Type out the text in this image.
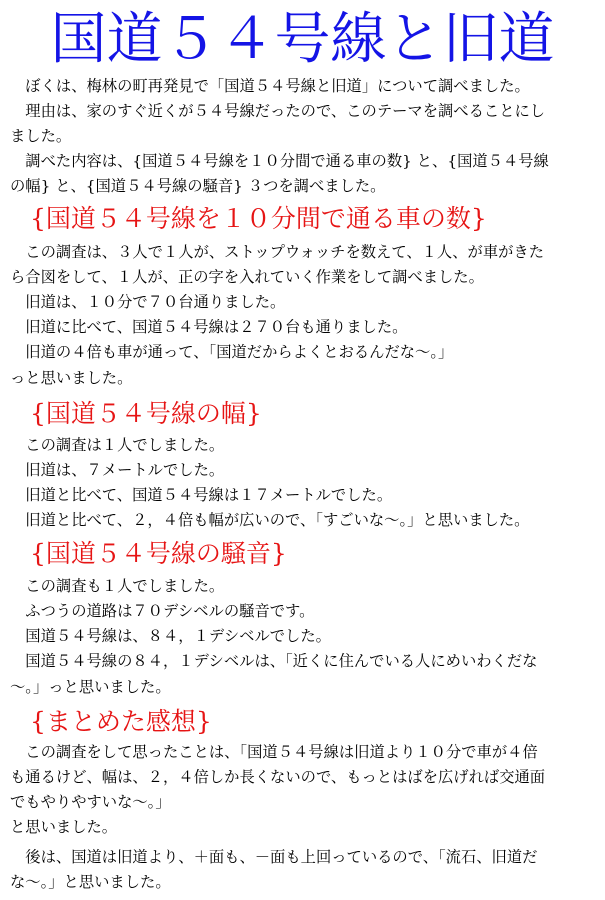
国道５４号線と旧道

　ぼくは、梅林の町再発見で「国道５４号線と旧道」について調べました。

　理由は、家のすぐ近くが５４号線だったので、このテーマを調べることにし

ました。

　調べた内容は、{国道５４号線を１０分間で通る車の数} と、{国道５４号線

の幅} と、{国道５４号線の騒音} ３つを調べました。

{国道５４号線を１０分間で通る車の数}

　この調査は、３人で１人が、ストップウォッチを数えて、１人、が車がきた

ら合図をして、１人が、正の字を入れていく作業をして調べました。

　旧道は、１０分で７０台通りました。

　旧道に比べて、国道５４号線は２７０台も通りました。

　旧道の４倍も車が通って、「国道だからよくとおるんだな～。」

っと思いました。

{国道５４号線の幅}

　この調査は１人でしました。

　旧道は、７メートルでした。

　旧道と比べて、国道５４号線は１７メートルでした。

　旧道と比べて、２，４倍も幅が広いので、「すごいな～。」と思いました。

{国道５４号線の騒音}

　この調査も１人でしました。

　ふつうの道路は７０デシベルの騒音です。

　国道５４号線は、８４，１デシベルでした。

　国道５４号線の８４，１デシベルは、「近くに住んでいる人にめいわくだな

～。」っと思いました。

{まとめた感想}

　この調査をして思ったことは、「国道５４号線は旧道より１０分で車が４倍

も通るけど、幅は、２，４倍しか長くないので、もっとはばを広げれば交通面

でもやりやすいな～。」

と思いました。

　後は、国道は旧道より、＋面も、－面も上回っているので、「流石、旧道だ

な～。」と思いました。
